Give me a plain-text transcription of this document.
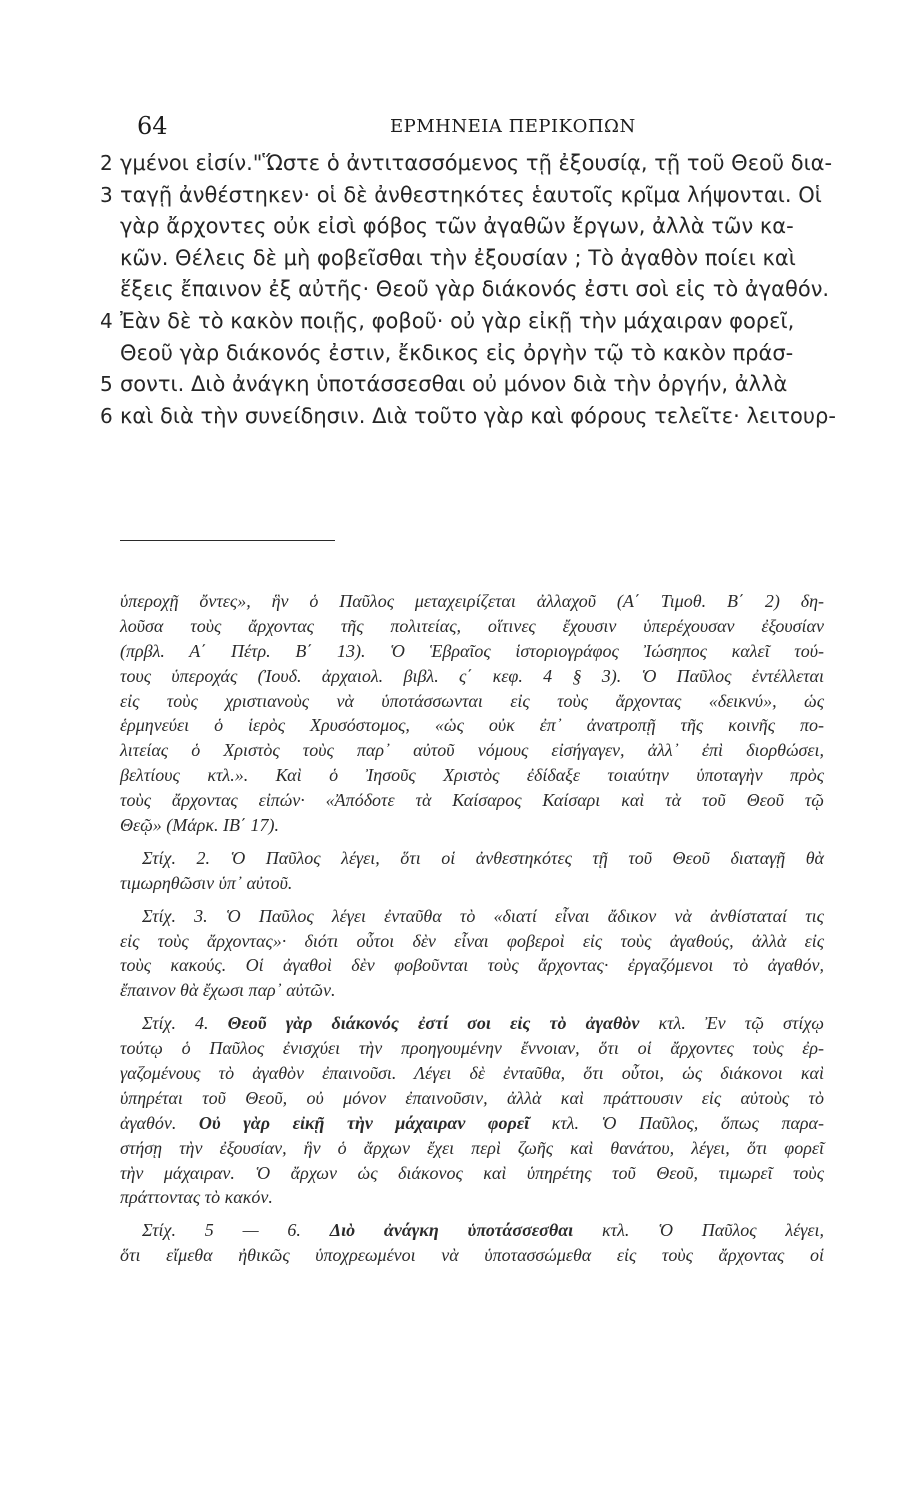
64	ΕΡΜΗΝΕΙΑ ΠΕΡΙΚΟΠΩΝ
2 γμένοι εἰσίν."Ὥστε ὁ ἀντιτασσόμενος τῇ ἐξουσίᾳ, τῇ τοῦ Θεοῦ δια-
3 ταγῇ ἀνθέστηκεν· οἱ δὲ ἀνθεστηκότες ἑαυτοῖς κρῖμα λήψονται. Οἱ
γὰρ ἄρχοντες οὐκ εἰσὶ φόβος τῶν ἀγαθῶν ἔργων, ἀλλὰ τῶν κα-
κῶν. Θέλεις δὲ μὴ φοβεῖσθαι τὴν ἐξουσίαν ; Τὸ ἀγαθὸν ποίει καὶ
ἕξεις ἔπαινον ἐξ αὐτῆς· Θεοῦ γὰρ διάκονός ἐστι σοὶ εἰς τὸ ἀγαθόν.
4 Ἐὰν δὲ τὸ κακὸν ποιῇς, φοβοῦ· οὐ γὰρ εἰκῇ τὴν μάχαιραν φορεῖ,
Θεοῦ γὰρ διάκονός ἐστιν, ἔκδικος εἰς ὀργὴν τῷ τὸ κακὸν πράσ-
5 σοντι. Διὸ ἀνάγκη ὑποτάσσεσθαι οὐ μόνον διὰ τὴν ὀργήν, ἀλλὰ
6 καὶ διὰ τὴν συνείδησιν. Διὰ τοῦτο γὰρ καὶ φόρους τελεῖτε· λειτουρ-
ὑπεροχῇ ὄντες», ἣν ὁ Παῦλος μεταχειρίζεται ἀλλαχοῦ (Α΄ Τιμοθ. Β΄ 2) δη-
λοῦσα τοὺς ἄρχοντας τῆς πολιτείας, οἵτινες ἔχουσιν ὑπερέχουσαν ἐξουσίαν
(πρβλ. Α΄ Πέτρ. Β΄ 13). Ὁ Ἑβραῖος ἱστοριογράφος Ἰώσηπος καλεῖ τού-
τους ὑπεροχάς (Ἰουδ. ἀρχαιολ. βιβλ. ς΄ κεφ. 4 § 3). Ὁ Παῦλος ἐντέλλεται
εἰς τοὺς χριστιανοὺς νὰ ὑποτάσσωνται εἰς τοὺς ἄρχοντας «δεικνύ», ὡς
ἑρμηνεύει ὁ ἱερὸς Χρυσόστομος, «ὡς οὐκ ἐπ᾽ ἀνατροπῇ τῆς κοινῆς πο-
λιτείας ὁ Χριστὸς τοὺς παρ᾽ αὐτοῦ νόμους εἰσήγαγεν, ἀλλ᾽ ἐπὶ διορθώσει,
βελτίους κτλ.». Καὶ ὁ Ἰησοῦς Χριστὸς ἐδίδαξε τοιαύτην ὑποταγὴν πρὸς
τοὺς ἄρχοντας εἰπών· «Ἀπόδοτε τὰ Καίσαρος Καίσαρι καὶ τὰ τοῦ Θεοῦ τῷ
Θεῷ» (Μάρκ. ΙΒ΄ 17).
Στίχ. 2. Ὁ Παῦλος λέγει, ὅτι οἱ ἀνθεστηκότες τῇ τοῦ Θεοῦ διαταγῇ θὰ
τιμωρηθῶσιν ὑπ᾽ αὐτοῦ.
Στίχ. 3. Ὁ Παῦλος λέγει ἐνταῦθα τὸ «διατί εἶναι ἄδικον νὰ ἀνθίσταταί τις
εἰς τοὺς ἄρχοντας»· διότι οὗτοι δὲν εἶναι φοβεροὶ εἰς τοὺς ἀγαθούς, ἀλλὰ εἰς
τοὺς κακούς. Οἱ ἀγαθοὶ δὲν φοβοῦνται τοὺς ἄρχοντας· ἐργαζόμενοι τὸ ἀγαθόν,
ἔπαινον θὰ ἔχωσι παρ᾽ αὐτῶν.
Στίχ. 4. Θεοῦ γὰρ διάκονός ἐστί σοι εἰς τὸ ἀγαθὸν κτλ. Ἐν τῷ στίχῳ
τούτῳ ὁ Παῦλος ἐνισχύει τὴν προηγουμένην ἔννοιαν, ὅτι οἱ ἄρχοντες τοὺς ἐρ-
γαζομένους τὸ ἀγαθὸν ἐπαινοῦσι. Λέγει δὲ ἐνταῦθα, ὅτι οὗτοι, ὡς διάκονοι καὶ
ὑπηρέται τοῦ Θεοῦ, οὐ μόνον ἐπαινοῦσιν, ἀλλὰ καὶ πράττουσιν εἰς αὐτοὺς τὸ
ἀγαθόν. Οὐ γὰρ εἰκῇ τὴν μάχαιραν φορεῖ κτλ. Ὁ Παῦλος, ὅπως παρα-
στήσῃ τὴν ἐξουσίαν, ἣν ὁ ἄρχων ἔχει περὶ ζωῆς καὶ θανάτου, λέγει, ὅτι φορεῖ
τὴν μάχαιραν. Ὁ ἄρχων ὡς διάκονος καὶ ὑπηρέτης τοῦ Θεοῦ, τιμωρεῖ τοὺς
πράττοντας τὸ κακόν.
Στίχ. 5 — 6. Διὸ ἀνάγκη ὑποτάσσεσθαι κτλ. Ὁ Παῦλος λέγει,
ὅτι εἴμεθα ἠθικῶς ὑποχρεωμένοι νὰ ὑποτασσώμεθα εἰς τοὺς ἄρχοντας οἱ
